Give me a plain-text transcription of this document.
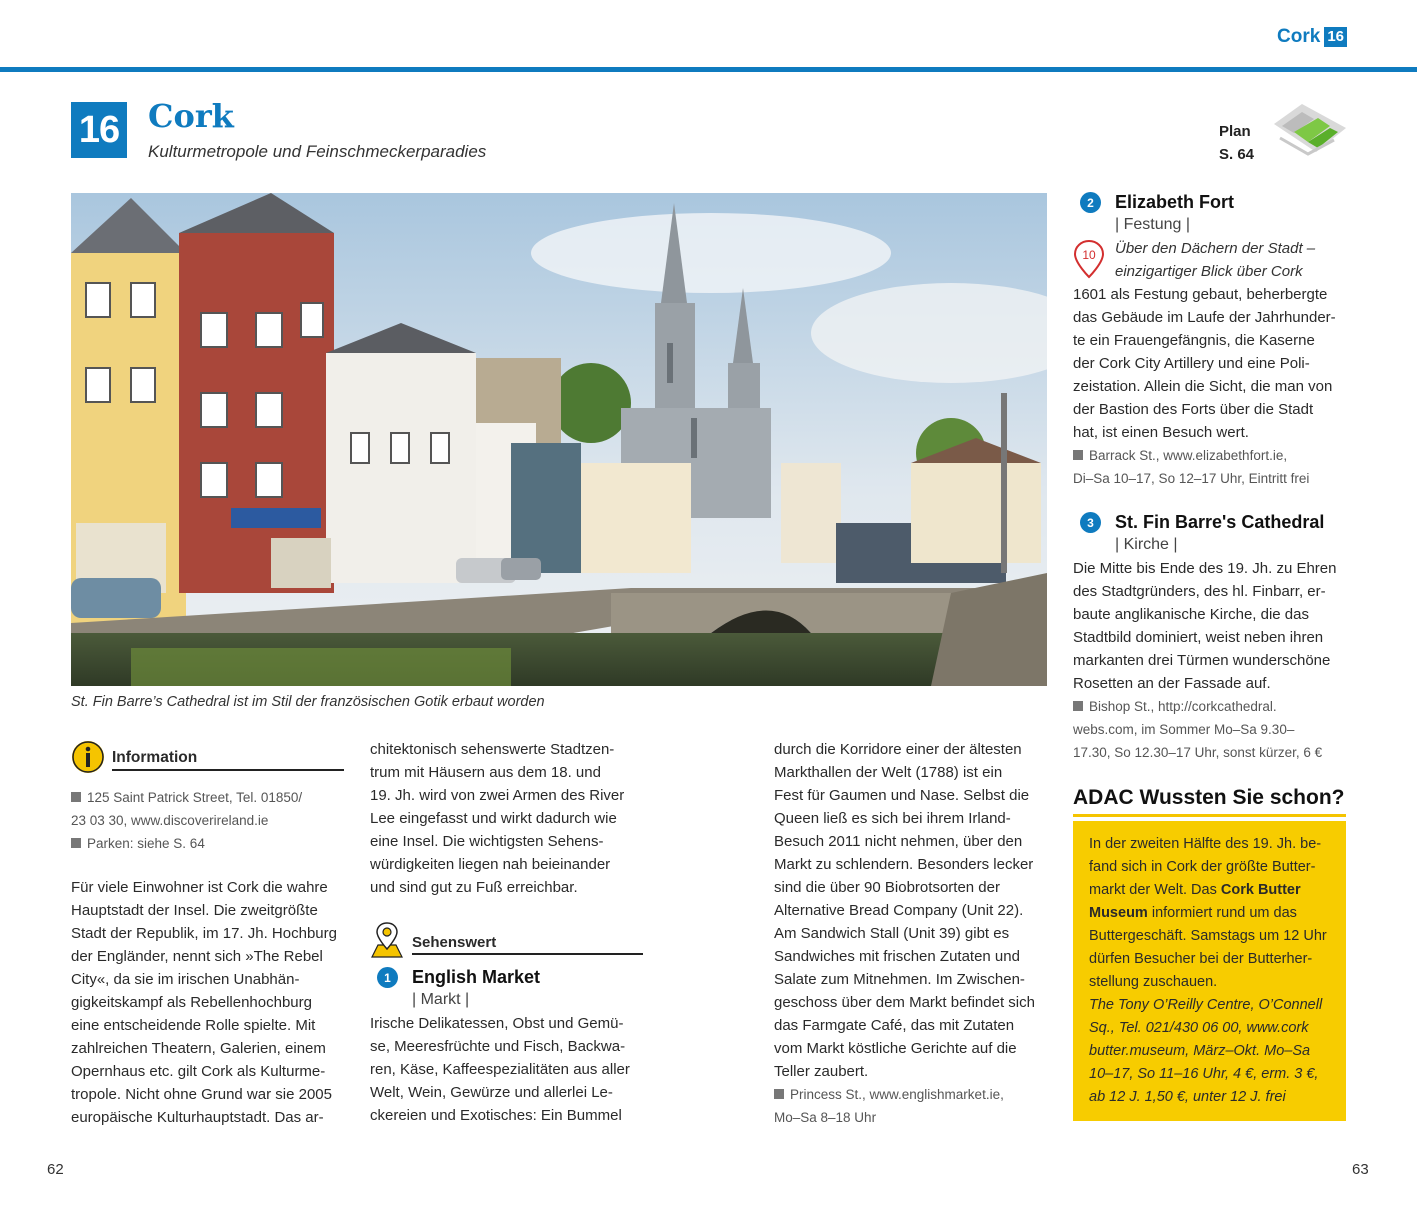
Cork 16
16 Cork
Kulturmetropole und Feinschmeckerparadies
Plan
S. 64
St. Fin Barre’s Cathedral ist im Stil der französischen Gotik erbaut worden
Information
125 Saint Patrick Street, Tel. 01850/
23 03 30, www.discoverireland.ie
Parken: siehe S. 64
Für viele Einwohner ist Cork die wahre
Hauptstadt der Insel. Die zweitgrößte
Stadt der Republik, im 17. Jh. Hochburg
der Engländer, nennt sich »The Rebel
City«, da sie im irischen Unabhän-
gigkeitskampf als Rebellenhochburg
eine entscheidende Rolle spielte. Mit
zahlreichen Theatern, Galerien, einem
Opernhaus etc. gilt Cork als Kulturme-
tropole. Nicht ohne Grund war sie 2005
europäische Kulturhauptstadt. Das ar-
chitektonisch sehenswerte Stadtzen-
trum mit Häusern aus dem 18. und
19. Jh. wird von zwei Armen des River
Lee eingefasst und wirkt dadurch wie
eine Insel. Die wichtigsten Sehens-
würdigkeiten liegen nah beieinander
und sind gut zu Fuß erreichbar.
Sehenswert
1	English Market
| Markt |
Irische Delikatessen, Obst und Gemü-
se, Meeresfrüchte und Fisch, Backwa-
ren, Käse, Kaffeespezialitäten aus aller
Welt, Wein, Gewürze und allerlei Le-
ckereien und Exotisches: Ein Bummel
durch die Korridore einer der ältesten
Markthallen der Welt (1788) ist ein
Fest für Gaumen und Nase. Selbst die
Queen ließ es sich bei ihrem Irland-
Besuch 2011 nicht nehmen, über den
Markt zu schlendern. Besonders lecker
sind die über 90 Biobrotsorten der
Alternative Bread Company (Unit 22).
Am Sandwich Stall (Unit 39) gibt es
Sandwiches mit frischen Zutaten und
Salate zum Mitnehmen. Im Zwischen-
geschoss über dem Markt befindet sich
das Farmgate Café, das mit Zutaten
vom Markt köstliche Gerichte auf die
Teller zaubert.
Princess St., www.englishmarket.ie,
Mo–Sa 8–18 Uhr
2	Elizabeth Fort
| Festung |
10 Über den Dächern der Stadt –
einzigartiger Blick über Cork
1601 als Festung gebaut, beherbergte
das Gebäude im Laufe der Jahrhunder-
te ein Frauengefängnis, die Kaserne
der Cork City Artillery und eine Poli-
zeistation. Allein die Sicht, die man von
der Bastion des Forts über die Stadt
hat, ist einen Besuch wert.
Barrack St., www.elizabethfort.ie,
Di–Sa 10–17, So 12–17 Uhr, Eintritt frei
3	St. Fin Barre's Cathedral
| Kirche |
Die Mitte bis Ende des 19. Jh. zu Ehren
des Stadtgründers, des hl. Finbarr, er-
baute anglikanische Kirche, die das
Stadtbild dominiert, weist neben ihren
markanten drei Türmen wunderschöne
Rosetten an der Fassade auf.
Bishop St., http://corkcathedral.
webs.com, im Sommer Mo–Sa 9.30–
17.30, So 12.30–17 Uhr, sonst kürzer, 6 €
ADAC Wussten Sie schon?
In der zweiten Hälfte des 19. Jh. be-
fand sich in Cork der größte Butter-
markt der Welt. Das Cork Butter
Museum informiert rund um das
Buttergeschäft. Samstags um 12 Uhr
dürfen Besucher bei der Butterher-
stellung zuschauen.
The Tony O’Reilly Centre, O’Connell
Sq., Tel. 021/430 06 00, www.cork
butter.museum, März–Okt. Mo–Sa
10–17, So 11–16 Uhr, 4 €, erm. 3 €,
ab 12 J. 1,50 €, unter 12 J. frei
62	63
